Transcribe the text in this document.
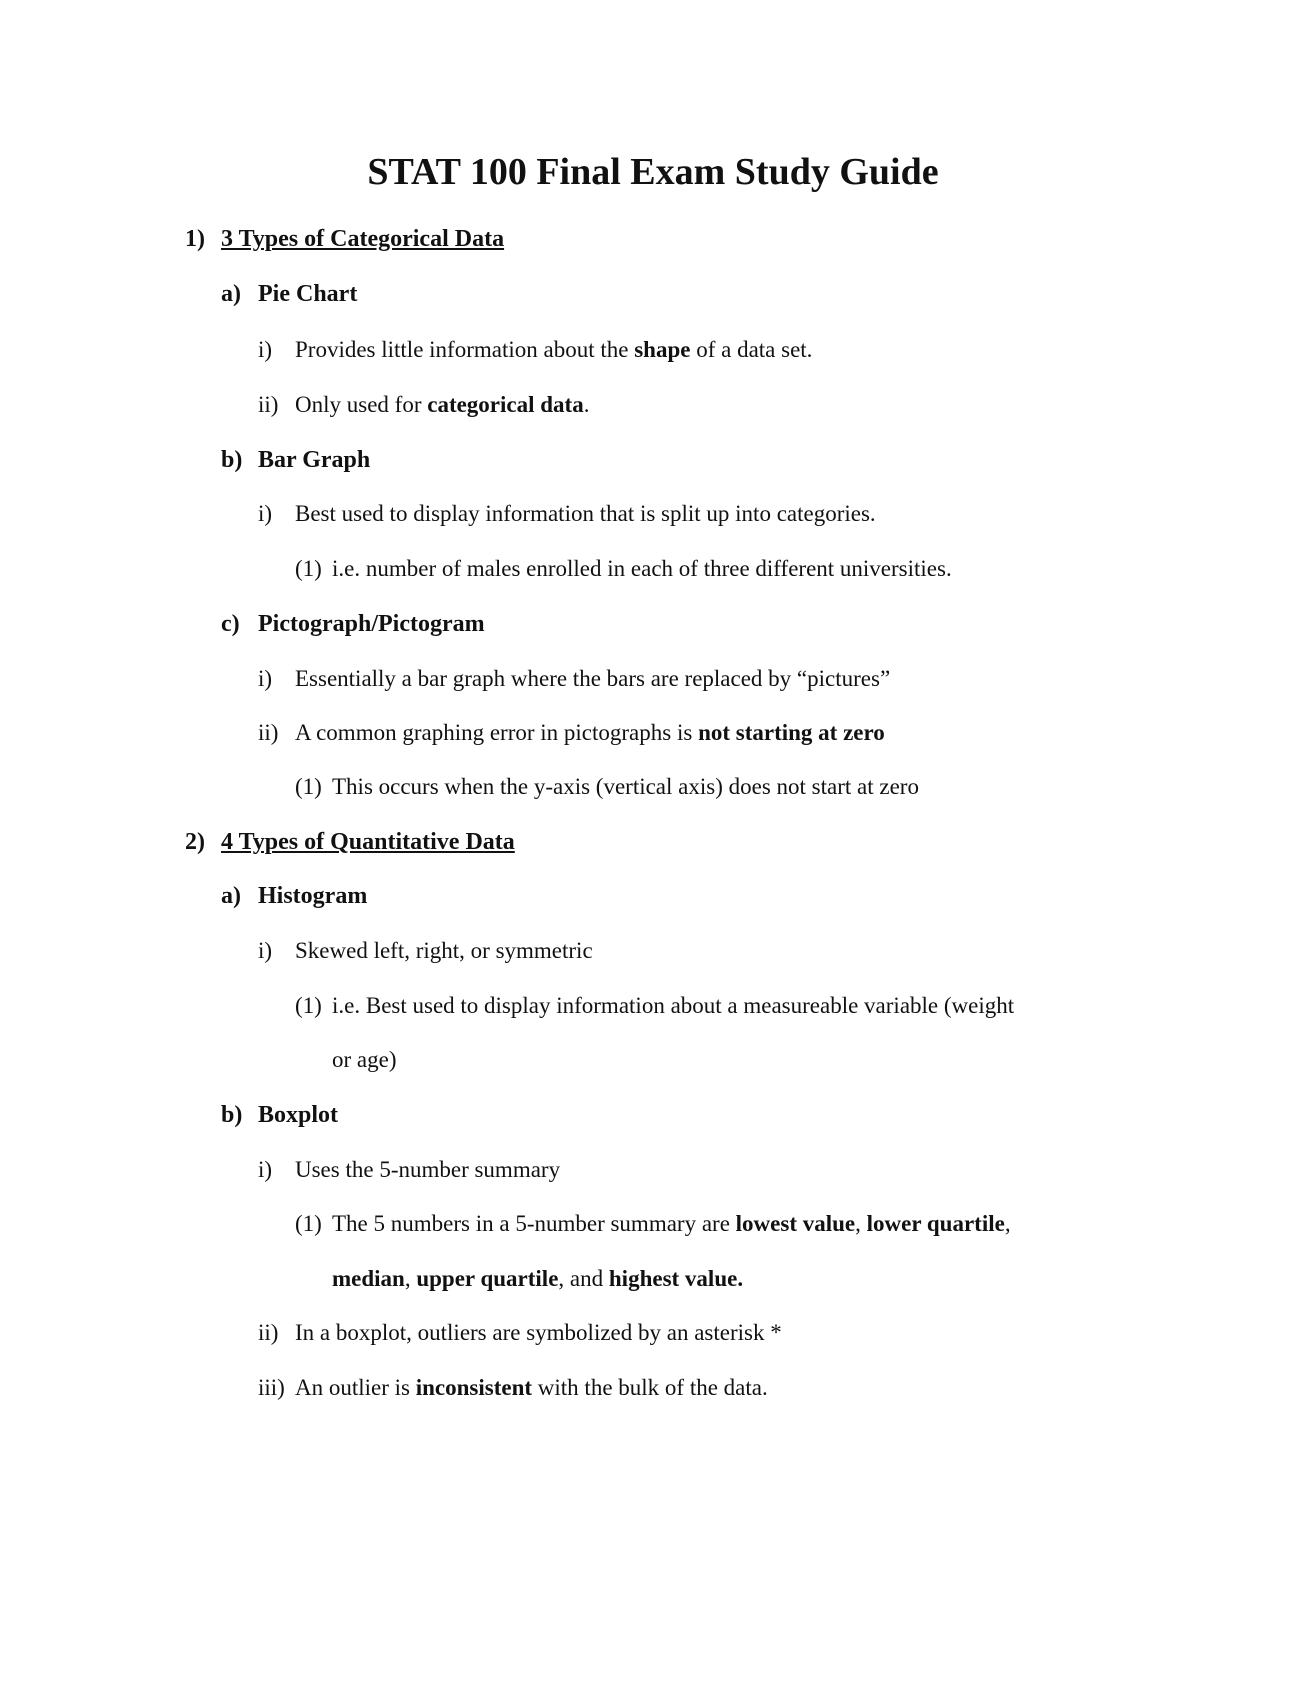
STAT 100 Final Exam Study Guide
1) 3 Types of Categorical Data
a) Pie Chart
i) Provides little information about the shape of a data set.
ii) Only used for categorical data.
b) Bar Graph
i) Best used to display information that is split up into categories.
(1) i.e. number of males enrolled in each of three different universities.
c) Pictograph/Pictogram
i) Essentially a bar graph where the bars are replaced by “pictures”
ii) A common graphing error in pictographs is not starting at zero
(1) This occurs when the y-axis (vertical axis) does not start at zero
2) 4 Types of Quantitative Data
a) Histogram
i) Skewed left, right, or symmetric
(1) i.e. Best used to display information about a measureable variable (weight
or age)
b) Boxplot
i) Uses the 5-number summary
(1) The 5 numbers in a 5-number summary are lowest value, lower quartile,
median, upper quartile, and highest value.
ii) In a boxplot, outliers are symbolized by an asterisk *
iii) An outlier is inconsistent with the bulk of the data.
